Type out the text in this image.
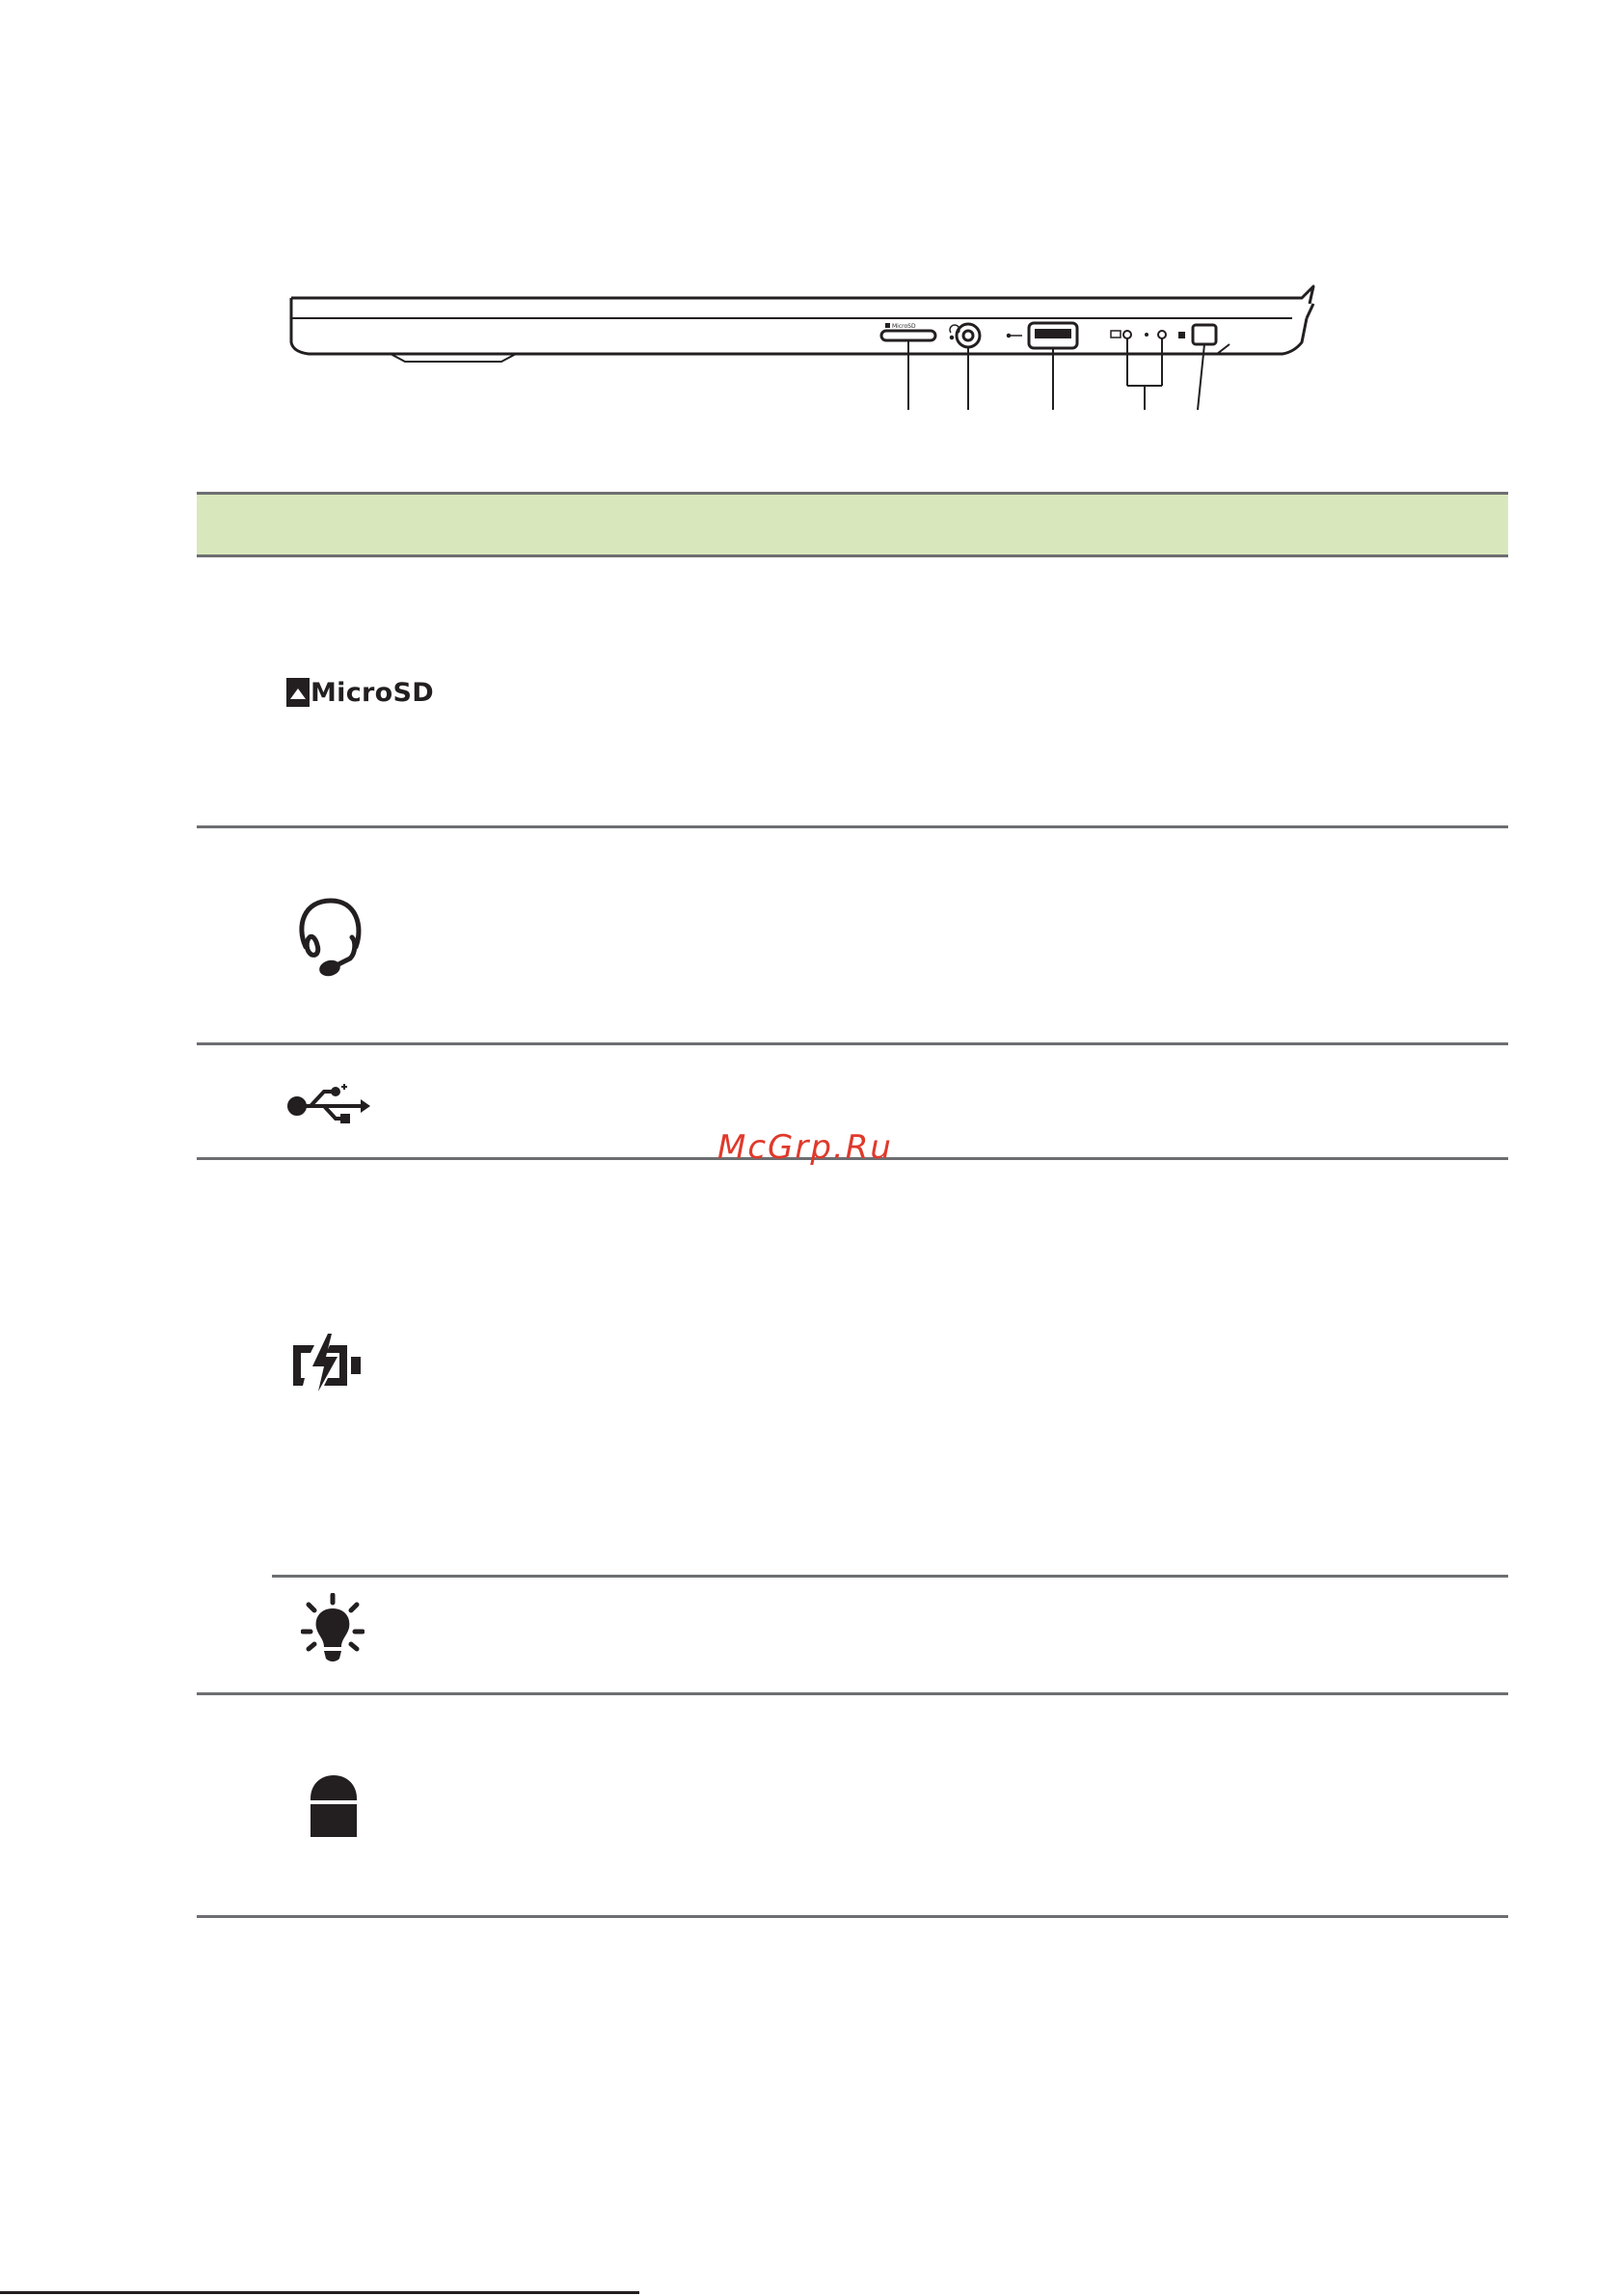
MicroSD
MicroSD
McGrp.Ru
